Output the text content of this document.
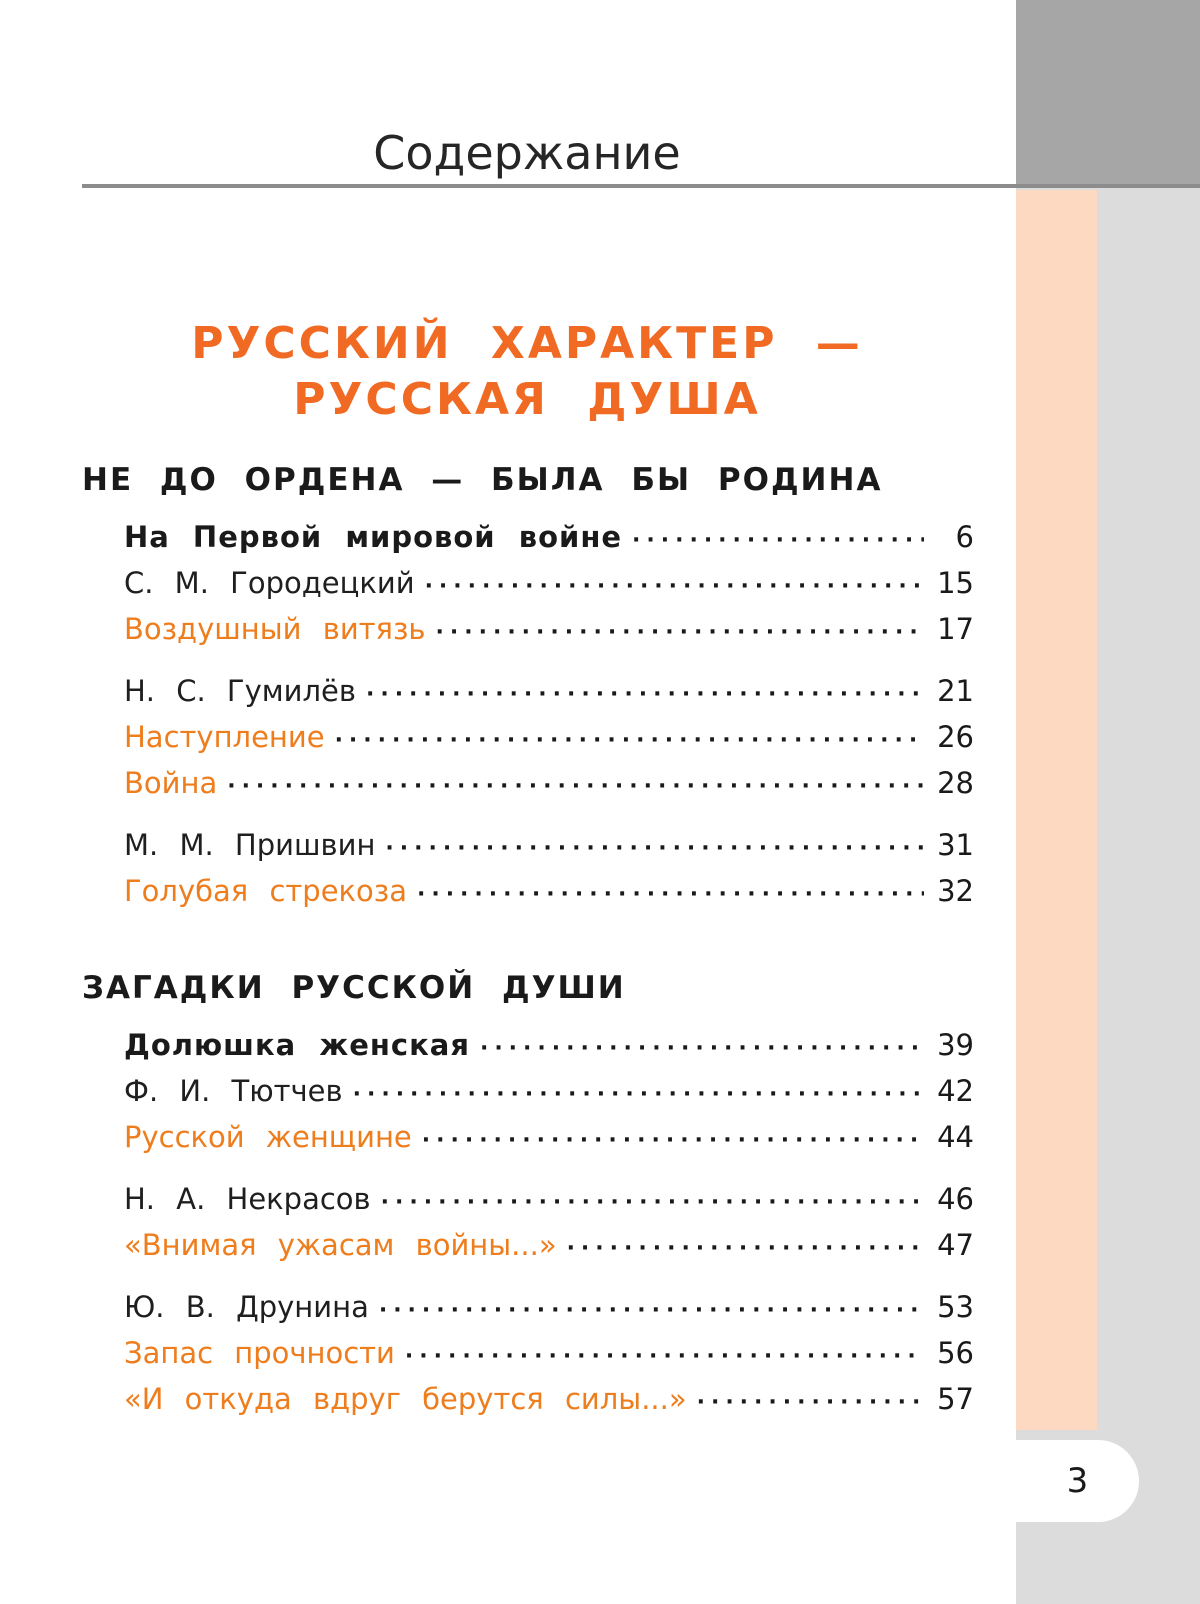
3
Содержание
РУССКИЙ ХАРАКТЕР —
РУССКАЯ ДУША
НЕ ДО ОРДЕНА — БЫЛА БЫ РОДИНА
На Первой мировой войне ·····	6
С. М. Городецкий ·····	15
Воздушный витязь ·····	17
Н. С. Гумилёв ·····	21
Наступление ·····	26
Война ·····	28
М. М. Пришвин ·····	31
Голубая стрекоза ·····	32
ЗАГАДКИ РУССКОЙ ДУШИ
Долюшка женская ·····	39
Ф. И. Тютчев ·····	42
Русской женщине ·····	44
Н. А. Некрасов ·····	46
«Внимая ужасам войны...» ·····	47
Ю. В. Друнина ·····	53
Запас прочности ·····	56
«И откуда вдруг берутся силы...» ·····	57
